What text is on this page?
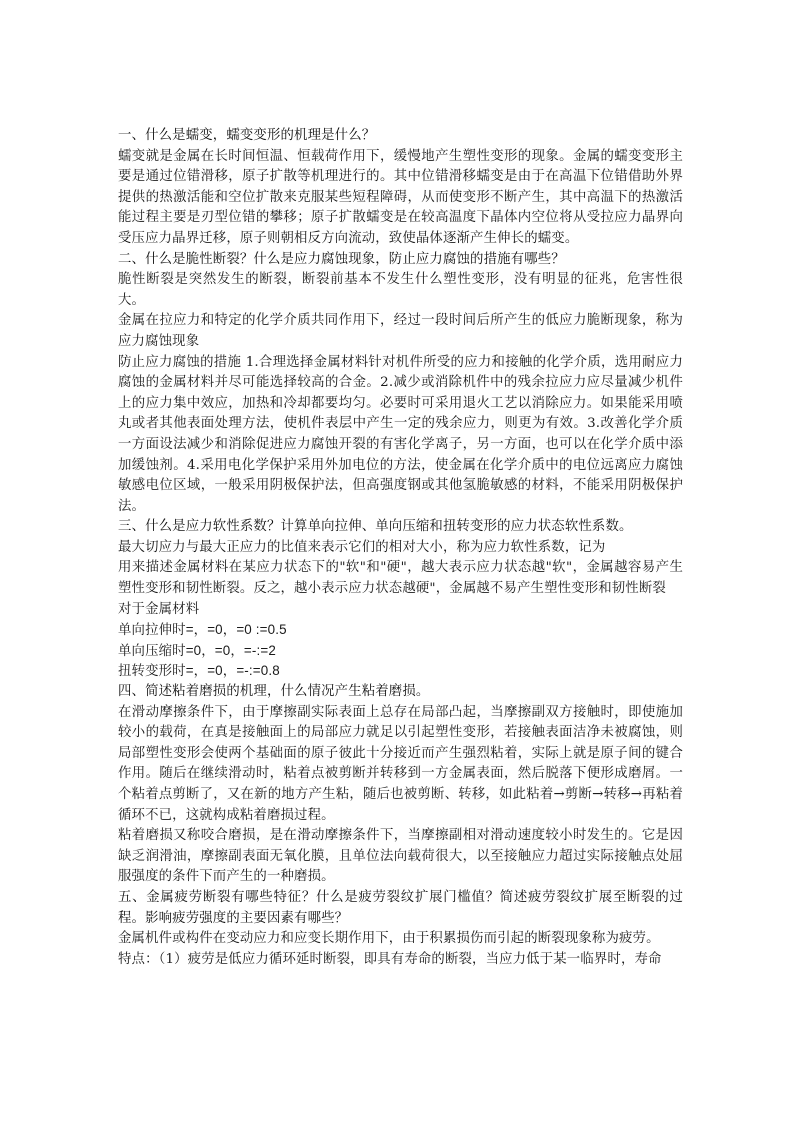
一、什么是蠕变，蠕变变形的机理是什么？

蠕变就是金属在长时间恒温、恒载荷作用下，缓慢地产生塑性变形的现象。金属的蠕变变形主要是通过位错滑移，原子扩散等机理进行的。其中位错滑移蠕变是由于在高温下位错借助外界提供的热激活能和空位扩散来克服某些短程障碍，从而使变形不断产生，其中高温下的热激活能过程主要是刃型位错的攀移；原子扩散蠕变是在较高温度下晶体内空位将从受拉应力晶界向受压应力晶界迁移，原子则朝相反方向流动，致使晶体逐渐产生伸长的蠕变。

二、什么是脆性断裂？什么是应力腐蚀现象，防止应力腐蚀的措施有哪些？

脆性断裂是突然发生的断裂，断裂前基本不发生什么塑性变形，没有明显的征兆，危害性很大。

金属在拉应力和特定的化学介质共同作用下，经过一段时间后所产生的低应力脆断现象，称为应力腐蚀现象

防止应力腐蚀的措施 1.合理选择金属材料针对机件所受的应力和接触的化学介质，选用耐应力腐蚀的金属材料并尽可能选择较高的合金。2.减少或消除机件中的残余拉应力应尽量减少机件上的应力集中效应，加热和冷却都要均匀。必要时可采用退火工艺以消除应力。如果能采用喷丸或者其他表面处理方法，使机件表层中产生一定的残余应力，则更为有效。3.改善化学介质一方面设法减少和消除促进应力腐蚀开裂的有害化学离子，另一方面，也可以在化学介质中添加缓蚀剂。4.采用电化学保护采用外加电位的方法，使金属在化学介质中的电位远离应力腐蚀敏感电位区域，一般采用阴极保护法，但高强度钢或其他氢脆敏感的材料，不能采用阴极保护法。

三、什么是应力软性系数？计算单向拉伸、单向压缩和扭转变形的应力状态软性系数。

最大切应力与最大正应力的比值来表示它们的相对大小，称为应力软性系数，记为

用来描述金属材料在某应力状态下的"软"和"硬"，越大表示应力状态越"软"，金属越容易产生塑性变形和韧性断裂。反之，越小表示应力状态越硬"，金属越不易产生塑性变形和韧性断裂

对于金属材料

单向拉伸时=，=0，=0 :=0.5

单向压缩时=0，=0，=-:=2

扭转变形时=，=0，=-:=0.8

四、简述粘着磨损的机理，什么情况产生粘着磨损。

在滑动摩擦条件下，由于摩擦副实际表面上总存在局部凸起，当摩擦副双方接触时，即使施加较小的载荷，在真是接触面上的局部应力就足以引起塑性变形，若接触表面洁净未被腐蚀，则局部塑性变形会使两个基础面的原子彼此十分接近而产生强烈粘着，实际上就是原子间的键合作用。随后在继续滑动时，粘着点被剪断并转移到一方金属表面，然后脱落下便形成磨屑。一个粘着点剪断了，又在新的地方产生粘，随后也被剪断、转移，如此粘着→剪断→转移→再粘着循环不已，这就构成粘着磨损过程。

粘着磨损又称咬合磨损，是在滑动摩擦条件下，当摩擦副相对滑动速度较小时发生的。它是因缺乏润滑油，摩擦副表面无氧化膜，且单位法向载荷很大，以至接触应力超过实际接触点处屈服强度的条件下而产生的一种磨损。

五、金属疲劳断裂有哪些特征？什么是疲劳裂纹扩展门槛值？简述疲劳裂纹扩展至断裂的过程。影响疲劳强度的主要因素有哪些？

金属机件或构件在变动应力和应变长期作用下，由于积累损伤而引起的断裂现象称为疲劳。

特点：（1）疲劳是低应力循环延时断裂，即具有寿命的断裂，当应力低于某一临界时，寿命
